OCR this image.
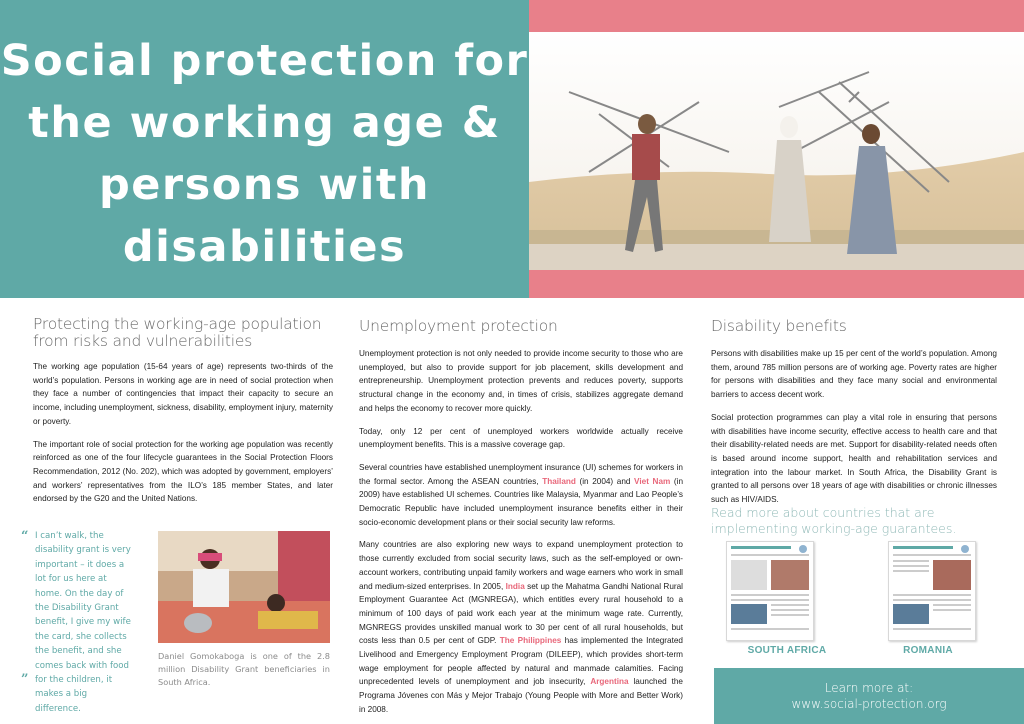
Social protection for
the working age &
persons with
disabilities
Protecting the working-age population from risks and vulnerabilities

The working age population (15-64 years of age) represents two-thirds of the world’s population. Persons in working age are in need of social protection when they face a number of contingencies that impact their capacity to secure an income, including unemployment, sickness, disability, employment injury, maternity or poverty.

The important role of social protection for the working age population was recently reinforced as one of the four lifecycle guarantees in the Social Protection Floors Recommendation, 2012 (No. 202), which was adopted by government, employers’ and workers’ representatives from the ILO’s 185 member States, and later endorsed by the G20 and the United Nations.

“ I can’t walk, the disability grant is very important – it does a lot for us here at home. On the day of the Disability Grant benefit, I give my wife the card, she collects the benefit, and she comes back with food for the children, it makes a big difference.
”
Daniel Gomokaboga is one of the 2.8 million Disability Grant beneficiaries in South Africa.
Unemployment protection

Unemployment protection is not only needed to provide income security to those who are unemployed, but also to provide support for job placement, skills development and entrepreneurship. Unemployment protection prevents and reduces poverty, supports structural change in the economy and, in times of crisis, stabilizes aggregate demand and helps the economy to recover more quickly.

Today, only 12 per cent of unemployed workers worldwide actually receive unemployment benefits. This is a massive coverage gap.

Several countries have established unemployment insurance (UI) schemes for workers in the formal sector. Among the ASEAN countries, Thailand (in 2004) and Viet Nam (in 2009) have established UI schemes. Countries like Malaysia, Myanmar and Lao People’s Democratic Republic have included unemployment insurance benefits either in their socio-economic development plans or their social security law reforms.

Many countries are also exploring new ways to expand unemployment protection to those currently excluded from social security laws, such as the self-employed or own-account workers, contributing unpaid family workers and wage earners who work in small and medium-sized enterprises. In 2005, India set up the Mahatma Gandhi National Rural Employment Guarantee Act (MGNREGA), which entitles every rural household to a minimum of 100 days of paid work each year at the minimum wage rate. Currently, MGNREGS provides unskilled manual work to 30 per cent of all rural households, but costs less than 0.5 per cent of GDP. The Philippines has implemented the Integrated Livelihood and Emergency Employment Program (DILEEP), which provides short-term wage employment for people affected by natural and manmade calamities. Facing unprecedented levels of unemployment and job insecurity, Argentina launched the Programa Jóvenes con Más y Mejor Trabajo (Young People with More and Better Work) in 2008.

Disability benefits

Persons with disabilities make up 15 per cent of the world’s population. Among them, around 785 million persons are of working age. Poverty rates are higher for persons with disabilities and they face many social and environmental barriers to access decent work.

Social protection programmes can play a vital role in ensuring that persons with disabilities have income security, effective access to health care and that their disability-related needs are met. Support for disability-related needs often is based around income support, health and rehabilitation services and integration into the labour market. In South Africa, the Disability Grant is granted to all persons over 18 years of age with disabilities or chronic illnesses such as HIV/AIDS.

Read more about countries that are implementing working-age guarantees.
SOUTH AFRICA	ROMANIA
Learn more at:
www.social-protection.org
